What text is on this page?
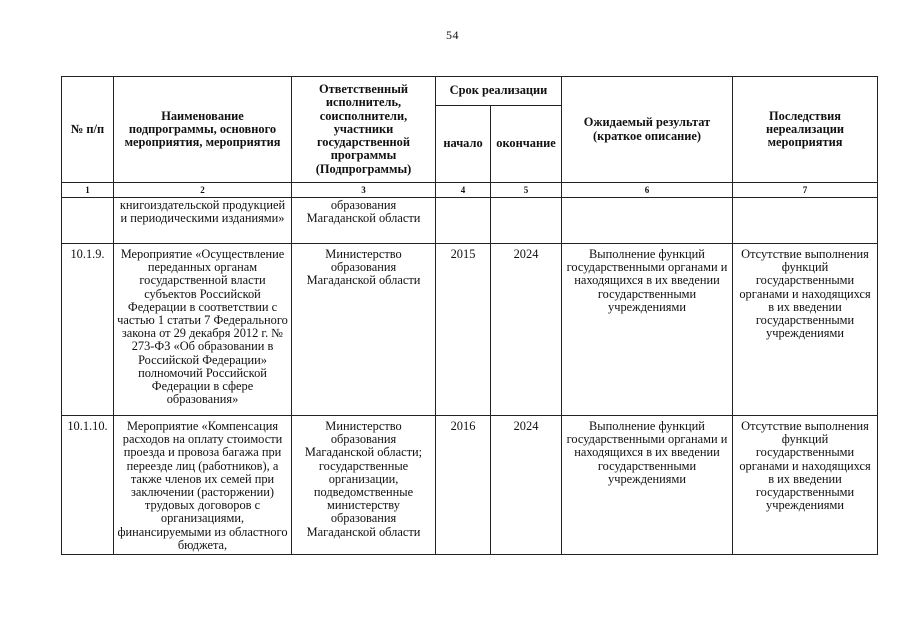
54
№ п/п	Наименование подпрограммы, основного мероприятия, мероприятия	Ответственный исполнитель, соисполнители, участники государственной программы (Подпрограммы)	Срок реализации		Ожидаемый результат (краткое описание)	Последствия нереализации мероприятия
			начало	окончание		
1	2	3	4	5	6	7
	книгоиздательской продукцией и периодическими изданиями»	образования Магаданской области				
10.1.9.	Мероприятие «Осуществление переданных органам государственной власти субъектов Российской Федерации в соответствии с частью 1 статьи 7 Федерального закона от 29 декабря 2012 г. № 273-ФЗ «Об образовании в Российской Федерации» полномочий Российской Федерации в сфере образования»	Министерство образования Магаданской области	2015	2024	Выполнение функций государственными органами и находящихся в их введении государственными учреждениями	Отсутствие выполнения функций государственными органами и находящихся в их введении государственными учреждениями
10.1.10.	Мероприятие «Компенсация расходов на оплату стоимости проезда и провоза багажа при переезде лиц (работников), а также членов их семей при заключении (расторжении) трудовых договоров с организациями, финансируемыми из областного бюджета,	Министерство образования Магаданской области; государственные организации, подведомственные министерству образования Магаданской области	2016	2024	Выполнение функций государственными органами и находящихся в их введении государственными учреждениями	Отсутствие выполнения функций государственными органами и находящихся в их введении государственными учреждениями
